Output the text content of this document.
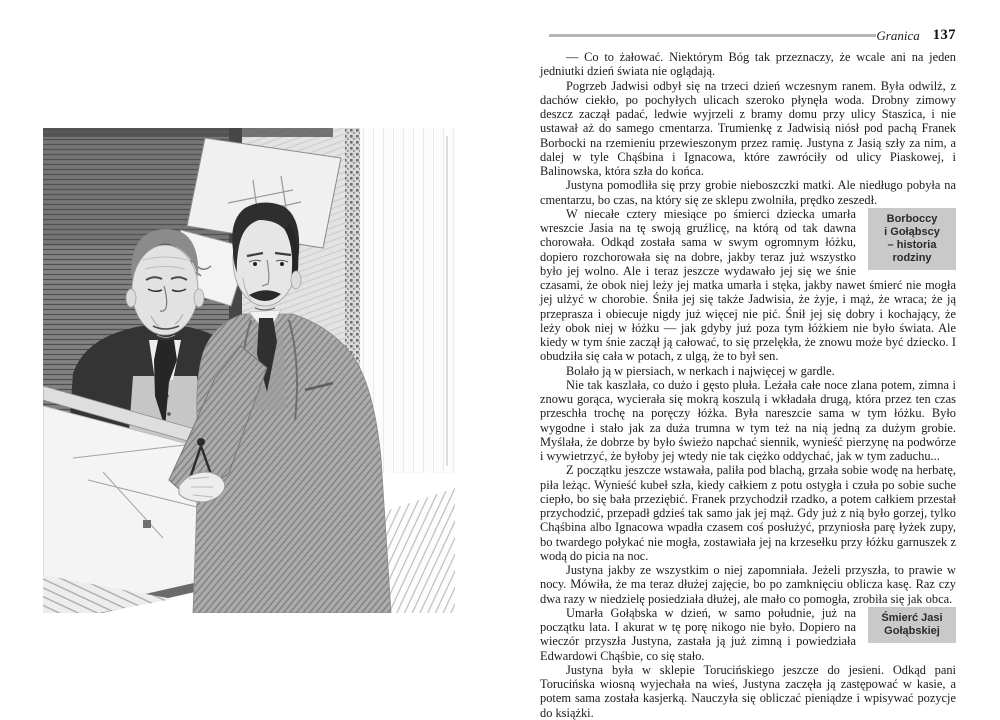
Granica 137

— Co to żałować. Niektórym Bóg tak przeznaczy, że wcale ani na jeden jedniutki dzień świata nie oglądają.

Pogrzeb Jadwisi odbył się na trzeci dzień wczesnym ranem. Była odwilż, z dachów ciekło, po pochyłych ulicach szeroko płynęła woda. Drobny zimowy deszcz zaczął padać, ledwie wyjrzeli z bramy domu przy ulicy Staszica, i nie ustawał aż do samego cmentarza. Trumienkę z Jadwisią niósł pod pachą Franek Borbocki na rzemieniu przewieszonym przez ramię. Justyna z Jasią szły za nim, a dalej w tyle Chąśbina i Ignacowa, które zawróciły od ulicy Piaskowej, i Balinowska, która szła do końca.

Justyna pomodliła się przy grobie nieboszczki matki. Ale niedługo pobyła na cmentarzu, bo czas, na który się ze sklepu zwolniła, prędko zeszedł.

Borboccy
i Gołąbscy
– historia
rodziny

W niecałe cztery miesiące po śmierci dziecka umarła wreszcie Jasia na tę swoją gruźlicę, na którą od tak dawna chorowała. Odkąd została sama w swym ogromnym łóżku, dopiero rozchorowała się na dobre, jakby teraz już wszystko było jej wolno. Ale i teraz jeszcze wydawało jej się we śnie czasami, że obok niej leży jej matka umarła i stęka, jakby nawet śmierć nie mogła jej ulżyć w chorobie. Śniła jej się także Jadwisia, że żyje, i mąż, że wraca; że ją przeprasza i obiecuje nigdy już więcej nie pić. Śnił jej się dobry i kochający, że leży obok niej w łóżku — jak gdyby już poza tym łóżkiem nie było świata. Ale kiedy w tym śnie zaczął ją całować, to się przelękła, że znowu może być dziecko. I obudziła się cała w potach, z ulgą, że to był sen.

Bolało ją w piersiach, w nerkach i najwięcej w gardle.

Nie tak kaszlała, co dużo i gęsto pluła. Leżała całe noce zlana potem, zimna i znowu gorąca, wycierała się mokrą koszulą i wkładała drugą, która przez ten czas przeschła trochę na poręczy łóżka. Była nareszcie sama w tym łóżku. Było wygodne i stało jak za duża trumna w tym też na nią jedną za dużym grobie. Myślała, że dobrze by było świeżo napchać siennik, wynieść pierzynę na podwórze i wywietrzyć, że byłoby jej wtedy nie tak ciężko oddychać, jak w tym zaduchu...

Z początku jeszcze wstawała, paliła pod blachą, grzała sobie wodę na herbatę, piła leżąc. Wynieść kubeł szła, kiedy całkiem z potu ostygła i czuła po sobie suche ciepło, bo się bała przeziębić. Franek przychodził rzadko, a potem całkiem przestał przychodzić, przepadł gdzieś tak samo jak jej mąż. Gdy już z nią było gorzej, tylko Chąśbina albo Ignacowa wpadła czasem coś posłużyć, przyniosła parę łyżek zupy, bo twardego połykać nie mogła, zostawiała jej na krzesełku przy łóżku garnuszek z wodą do picia na noc.

Justyna jakby ze wszystkim o niej zapomniała. Jeżeli przyszła, to prawie w nocy. Mówiła, że ma teraz dłużej zajęcie, bo po zamknięciu oblicza kasę. Raz czy dwa razy w niedzielę posiedziała dłużej, ale mało co pomogła, zrobiła się jak obca.

Śmierć Jasi
Gołąbskiej

Umarła Gołąbska w dzień, w samo południe, już na początku lata. I akurat w tę porę nikogo nie było. Dopiero na wieczór przyszła Justyna, zastała ją już zimną i powiedziała Edwardowi Chąśbie, co się stało.

Justyna była w sklepie Torucińskiego jeszcze do jesieni. Odkąd pani Torucińska wiosną wyjechała na wieś, Justyna zaczęła ją zastępować w kasie, a potem sama została kasjerką. Nauczyła się obliczać pieniądze i wpisywać pozycje do książki.
